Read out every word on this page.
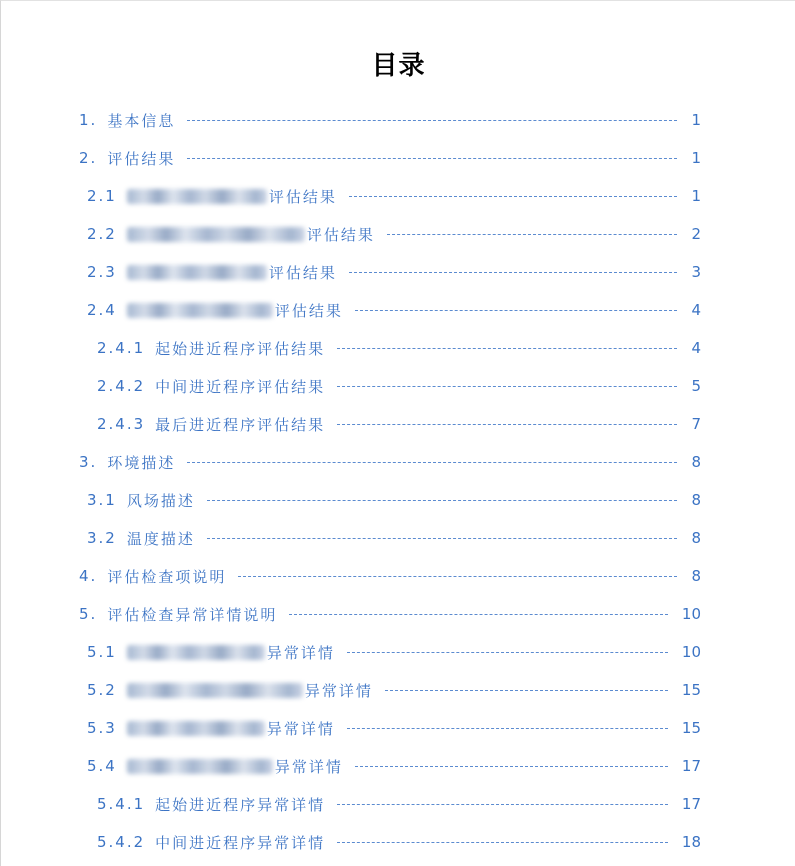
目录
1. 基本信息	1
2. 评估结果	1
2.1	评估结果	1
2.2	评估结果	2
2.3	评估结果	3
2.4	评估结果	4
2.4.1 起始进近程序评估结果	4
2.4.2 中间进近程序评估结果	5
2.4.3 最后进近程序评估结果	7
3. 环境描述	8
3.1 风场描述	8
3.2 温度描述	8
4. 评估检查项说明	8
5. 评估检查异常详情说明	10
5.1	异常详情	10
5.2	异常详情	15
5.3	异常详情	15
5.4	异常详情	17
5.4.1 起始进近程序异常详情	17
5.4.2 中间进近程序异常详情	18
